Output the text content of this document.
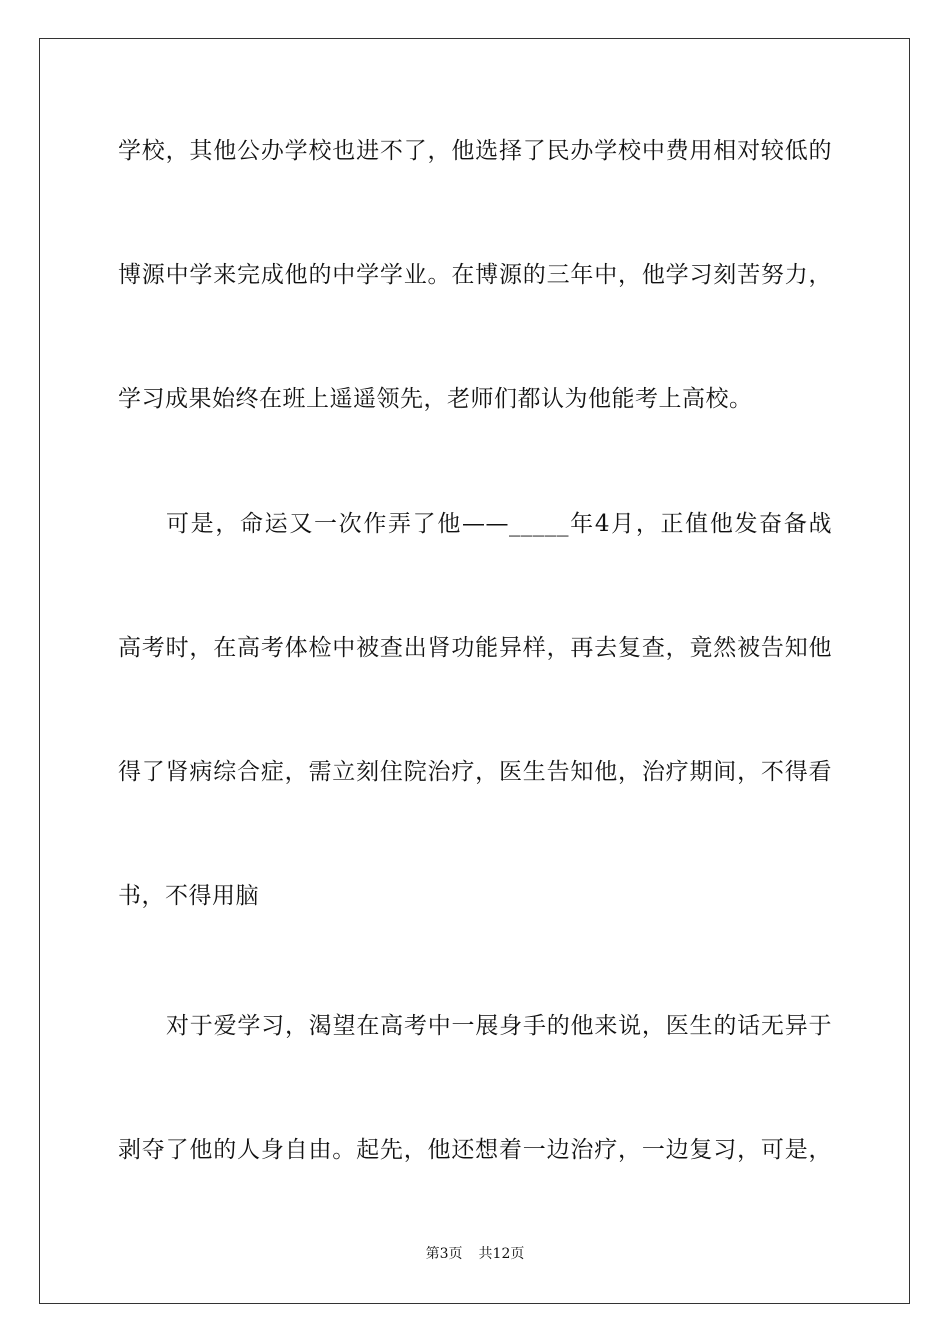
学校，其他公办学校也进不了，他选择了民办学校中费用相对较低的
博源中学来完成他的中学学业。在博源的三年中，他学习刻苦努力，
学习成果始终在班上遥遥领先，老师们都认为他能考上高校。
可是，命运又一次作弄了他——_____年4月，正值他发奋备战
高考时，在高考体检中被查出肾功能异样，再去复查，竟然被告知他
得了肾病综合症，需立刻住院治疗，医生告知他，治疗期间，不得看
书，不得用脑
对于爱学习，渴望在高考中一展身手的他来说，医生的话无异于
剥夺了他的人身自由。起先，他还想着一边治疗，一边复习，可是，
第3页 共12页
